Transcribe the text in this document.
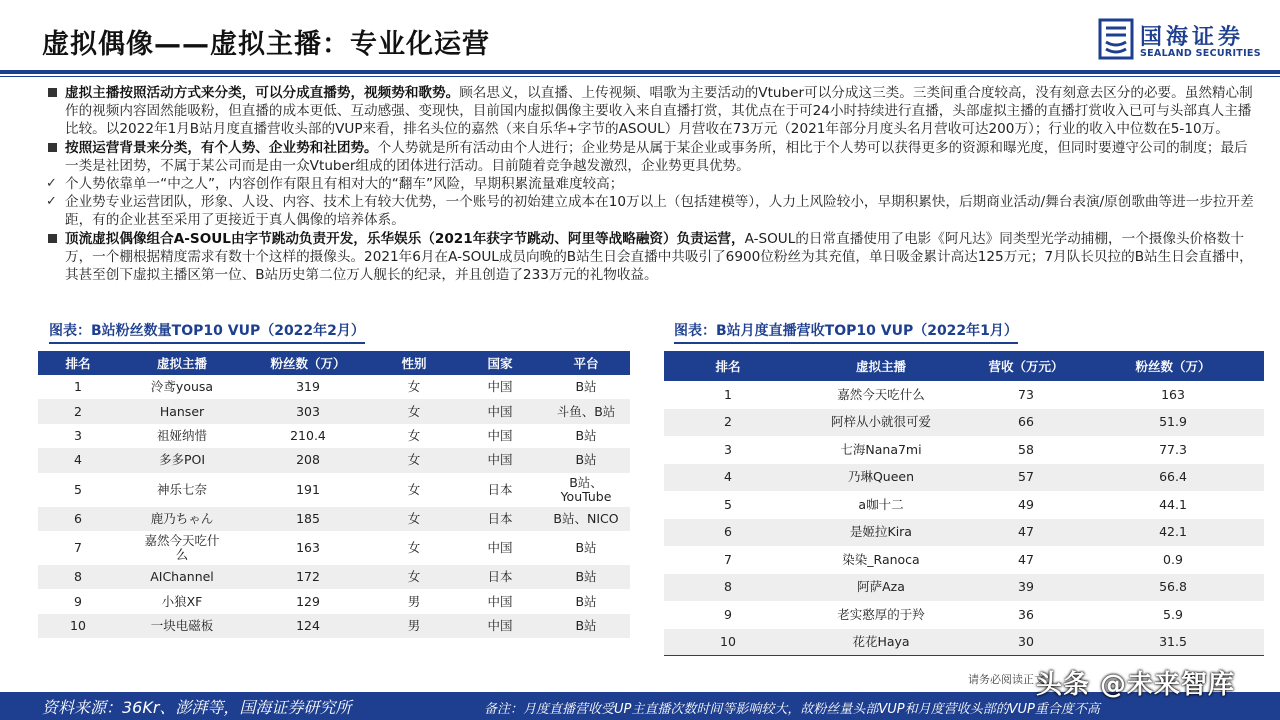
虚拟偶像——虚拟主播：专业化运营	国海证券
SEALAND SECURITIES
虚拟主播按照活动方式来分类，可以分成直播势，视频势和歌势。顾名思义，以直播、上传视频、唱歌为主要活动的Vtuber可以分成这三类。三类间重合度较高，没有刻意去区分的必要。虽然精心制作的视频内容固然能吸粉，但直播的成本更低、互动感强、变现快，目前国内虚拟偶像主要收入来自直播打赏，其优点在于可24小时持续进行直播，头部虚拟主播的直播打赏收入已可与头部真人主播比较。以2022年1月B站月度直播营收头部的VUP来看，排名头位的嘉然（来自乐华+字节的ASOUL）月营收在73万元（2021年部分月度头名月营收可达200万）；行业的收入中位数在5-10万。
按照运营背景来分类，有个人势、企业势和社团势。个人势就是所有活动由个人进行；企业势是从属于某企业或事务所，相比于个人势可以获得更多的资源和曝光度，但同时要遵守公司的制度；最后一类是社团势，不属于某公司而是由一众Vtuber组成的团体进行活动。目前随着竞争越发激烈，企业势更具优势。
✓ 个人势依靠单一“中之人”，内容创作有限且有相对大的“翻车”风险，早期积累流量难度较高；
✓ 企业势专业运营团队，形象、人设、内容、技术上有较大优势，一个账号的初始建立成本在10万以上（包括建模等），人力上风险较小，早期积累快，后期商业活动/舞台表演/原创歌曲等进一步拉开差距，有的企业甚至采用了更接近于真人偶像的培养体系。
顶流虚拟偶像组合A-SOUL由字节跳动负责开发，乐华娱乐（2021年获字节跳动、阿里等战略融资）负责运营，A-SOUL的日常直播使用了电影《阿凡达》同类型光学动捕棚，一个摄像头价格数十万，一个棚根据精度需求有数十个这样的摄像头。2021年6月在A-SOUL成员向晚的B站生日会直播中共吸引了6900位粉丝为其充值，单日吸金累计高达125万元；7月队长贝拉的B站生日会直播中，其甚至创下虚拟主播区第一位、B站历史第二位万人舰长的纪录，并且创造了233万元的礼物收益。
图表：B站粉丝数量TOP10 VUP（2022年2月）	图表：B站月度直播营收TOP10 VUP（2022年1月）
排名	虚拟主播	粉丝数（万）	性别	国家	平台
1	泠鸢yousa	319	女	中国	B站
2	Hanser	303	女	中国	斗鱼、B站
3	祖娅纳惜	210.4	女	中国	B站
4	多多POI	208	女	中国	B站
5	神乐七奈	191	女	日本	B站、
YouTube
6	鹿乃ちゃん	185	女	日本	B站、NICO
7	嘉然今天吃什
么	163	女	中国	B站
8	AIChannel	172	女	日本	B站
9	小狼XF	129	男	中国	B站
10	一块电磁板	124	男	中国	B站
排名	虚拟主播	营收（万元）	粉丝数（万）
1	嘉然今天吃什么	73	163
2	阿梓从小就很可爱	66	51.9
3	七海Nana7mi	58	77.3
4	乃琳Queen	57	66.4
5	a咖十二	49	44.1
6	是姬拉Kira	47	42.1
7	染染_Ranoca	47	0.9
8	阿萨Aza	39	56.8
9	老实憨厚的于羚	36	5.9
10	花花Haya	30	31.5
请务必阅读正文
资料来源：36Kr、澎湃等，国海证券研究所	备注：月度直播营收受UP主直播次数时间等影响较大，故粉丝量头部VUP和月度营收头部的VUP重合度不高
头条 @未来智库
